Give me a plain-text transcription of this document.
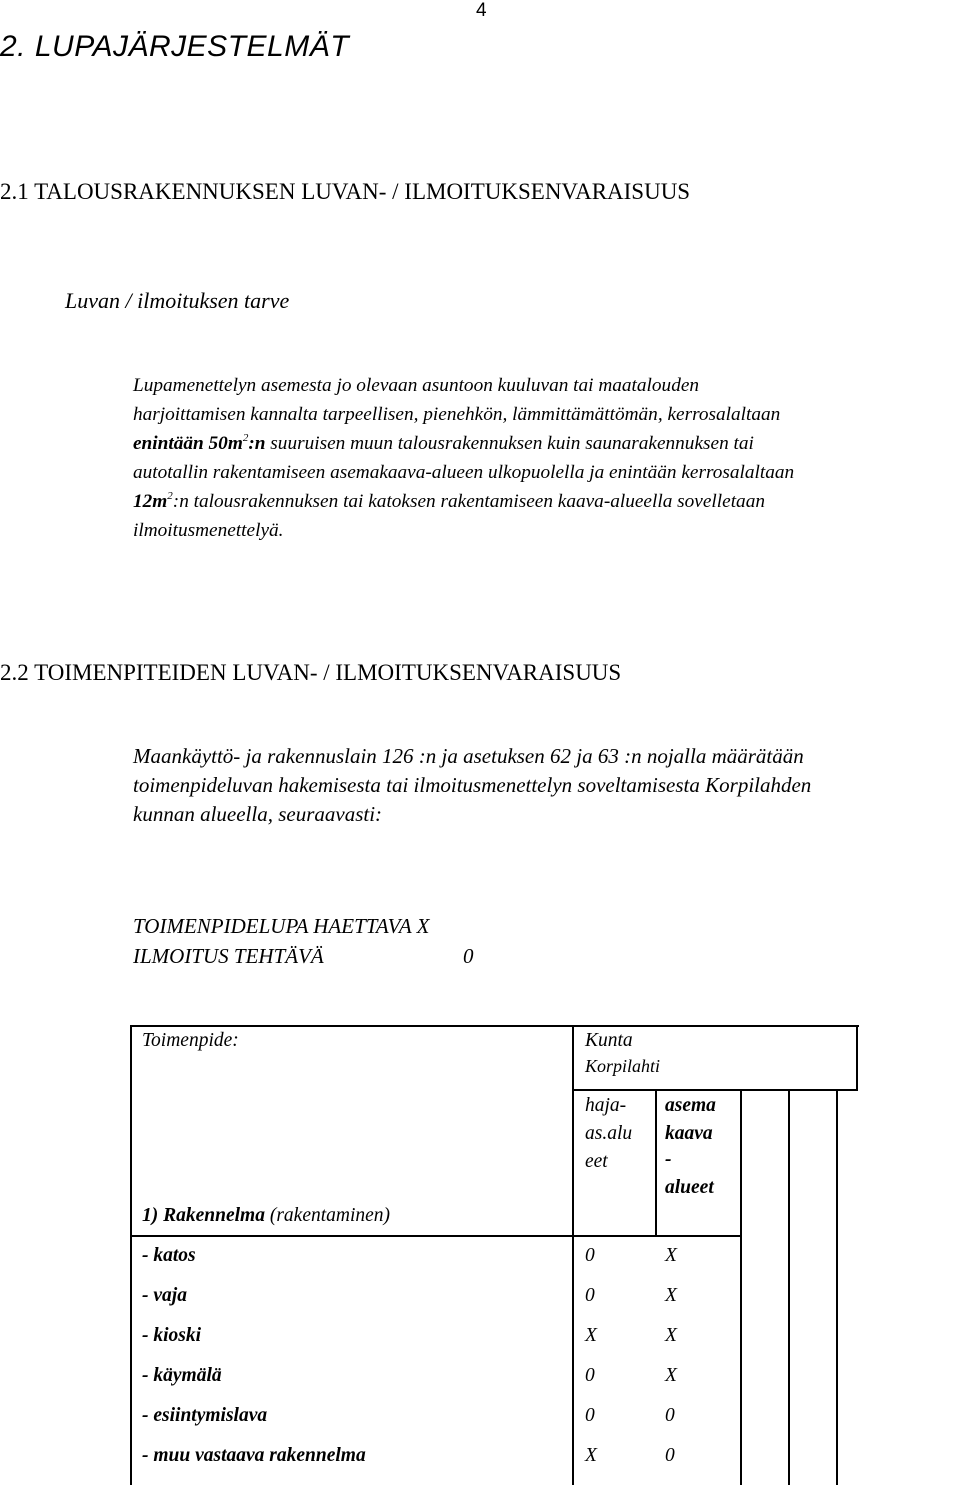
4
2. LUPAJÄRJESTELMÄT
2.1 TALOUSRAKENNUKSEN LUVAN- / ILMOITUKSENVARAISUUS
Luvan / ilmoituksen tarve
Lupamenettelyn asemesta jo olevaan asuntoon kuuluvan tai maatalouden
harjoittamisen kannalta tarpeellisen, pienehkön, lämmittämättömän, kerrosalaltaan
enintään $50m^2:n$ suuruisen muun talousrakennuksen kuin saunarakennuksen tai
autotallin rakentamiseen asemakaava-alueen ulkopuolella ja enintään kerrosalaltaan
$12m^2:n$ talousrakennuksen tai katoksen rakentamiseen kaava-alueella sovelletaan
ilmoitusmenettelyä.
2.2 TOIMENPITEIDEN LUVAN- / ILMOITUKSENVARAISUUS
Maankäyttö- ja rakennuslain 126 :n ja asetuksen 62 ja 63 :n nojalla määrätään
toimenpideluvan hakemisesta tai ilmoitusmenettelyn soveltamisesta Korpilahden
kunnan alueella, seuraavasti:
TOIMENPIDELUPA HAETTAVA X
ILMOITUS TEHTÄVÄ	0
Toimenpide:	Kunta
Korpilahti
haja-
as.alu
eet
asema
kaava
-
alueet
1) Rakennelma (rakentaminen)
- katos	0	X
- vaja	0	X
- kioski	X	X
- käymälä	0	X
- esiintymislava	0	0
- muu vastaava rakennelma	X	0
